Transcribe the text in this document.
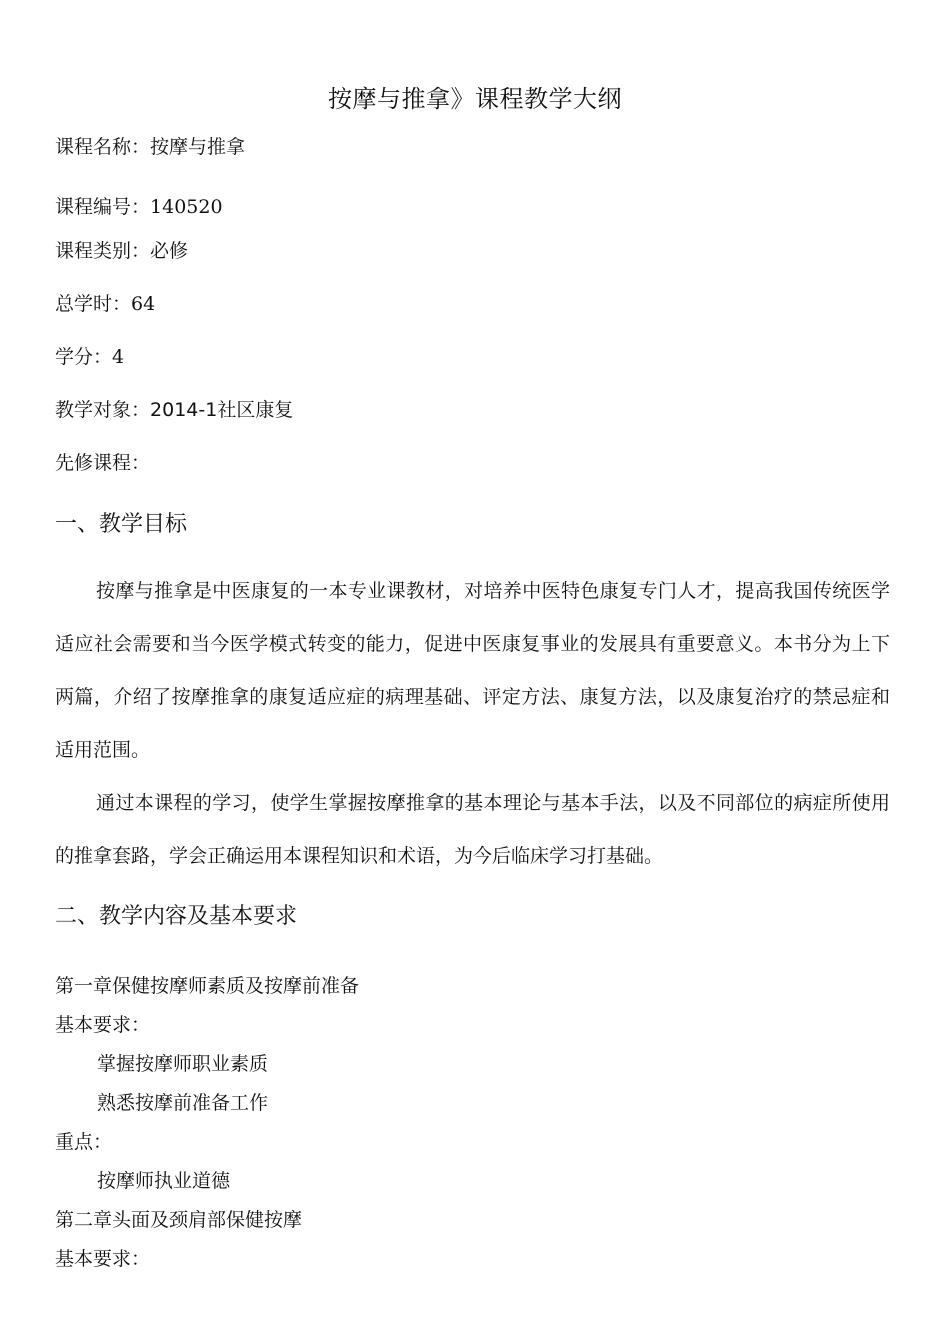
按摩与推拿》课程教学大纲
课程名称：按摩与推拿
课程编号：140520
课程类别：必修
总学时：64
学分：4
教学对象：2014-1社区康复
先修课程：
一、教学目标

按摩与推拿是中医康复的一本专业课教材，对培养中医特色康复专门人才，提高我国传统医学适应社会需要和当今医学模式转变的能力，促进中医康复事业的发展具有重要意义。本书分为上下两篇，介绍了按摩推拿的康复适应症的病理基础、评定方法、康复方法，以及康复治疗的禁忌症和适用范围。

通过本课程的学习，使学生掌握按摩推拿的基本理论与基本手法，以及不同部位的病症所使用的推拿套路，学会正确运用本课程知识和术语，为今后临床学习打基础。

二、教学内容及基本要求
第一章保健按摩师素质及按摩前准备
基本要求：
掌握按摩师职业素质
熟悉按摩前准备工作
重点：
按摩师执业道德
第二章头面及颈肩部保健按摩
基本要求：
